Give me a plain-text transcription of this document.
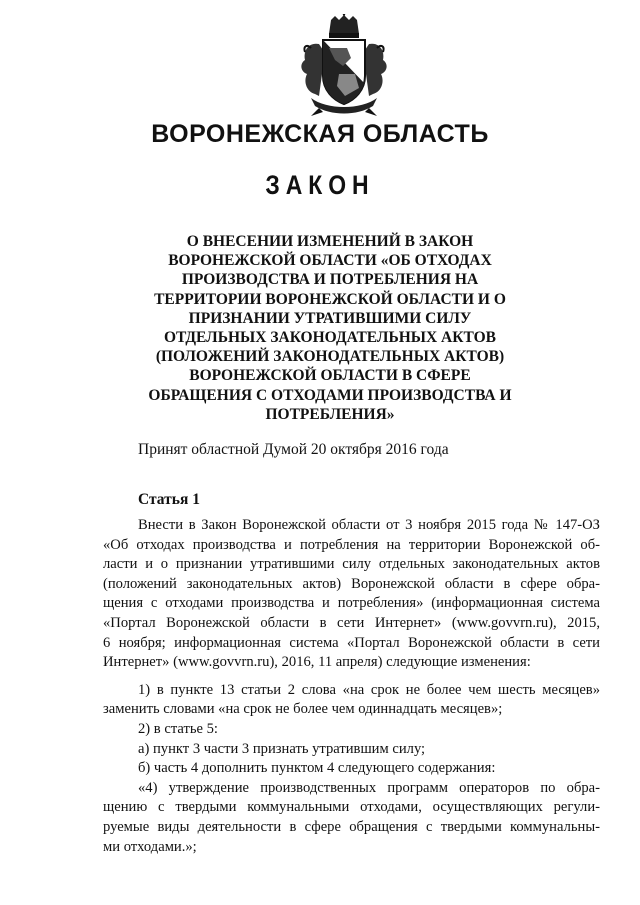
ВОРОНЕЖСКАЯ ОБЛАСТЬ
ЗАКОН
О ВНЕСЕНИИ ИЗМЕНЕНИЙ В ЗАКОН
ВОРОНЕЖСКОЙ ОБЛАСТИ «ОБ ОТХОДАХ
ПРОИЗВОДСТВА И ПОТРЕБЛЕНИЯ НА
ТЕРРИТОРИИ ВОРОНЕЖСКОЙ ОБЛАСТИ И О
ПРИЗНАНИИ УТРАТИВШИМИ СИЛУ
ОТДЕЛЬНЫХ ЗАКОНОДАТЕЛЬНЫХ АКТОВ
(ПОЛОЖЕНИЙ ЗАКОНОДАТЕЛЬНЫХ АКТОВ)
ВОРОНЕЖСКОЙ ОБЛАСТИ В СФЕРЕ
ОБРАЩЕНИЯ С ОТХОДАМИ ПРОИЗВОДСТВА И
ПОТРЕБЛЕНИЯ»
Принят областной Думой 20 октября 2016 года
Статья 1
Внести в Закон Воронежской области от 3 ноября 2015 года № 147-ОЗ
«Об отходах производства и потребления на территории Воронежской об-
ласти и о признании утратившими силу отдельных законодательных актов
(положений законодательных актов) Воронежской области в сфере обра-
щения с отходами производства и потребления» (информационная система
«Портал Воронежской области в сети Интернет» (www.govvrn.ru), 2015,
6 ноября; информационная система «Портал Воронежской области в сети
Интернет» (www.govvrn.ru), 2016, 11 апреля) следующие изменения:
1) в пункте 13 статьи 2 слова «на срок не более чем шесть месяцев»
заменить словами «на срок не более чем одиннадцать месяцев»;
2) в статье 5:
а) пункт 3 части 3 признать утратившим силу;
б) часть 4 дополнить пунктом 4 следующего содержания:
«4) утверждение производственных программ операторов по обра-
щению с твердыми коммунальными отходами, осуществляющих регули-
руемые виды деятельности в сфере обращения с твердыми коммунальны-
ми отходами.»;
